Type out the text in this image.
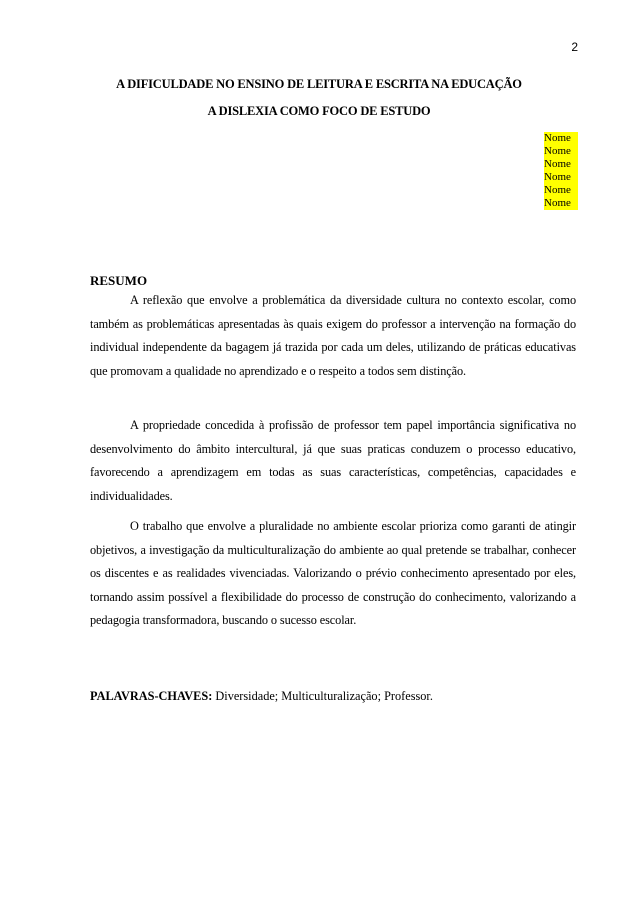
2
A DIFICULDADE NO ENSINO DE LEITURA E ESCRITA NA EDUCAÇÃO
A DISLEXIA COMO FOCO DE ESTUDO
Nome
Nome
Nome
Nome
Nome
Nome
RESUMO

A reflexão que envolve a problemática da diversidade cultura no contexto escolar, como também as problemáticas apresentadas às quais exigem do professor a intervenção na formação do individual independente da bagagem já trazida por cada um deles, utilizando de práticas educativas que promovam a qualidade no aprendizado e o respeito a todos sem distinção.

A propriedade concedida à profissão de professor tem papel importância significativa no desenvolvimento do âmbito intercultural, já que suas praticas conduzem o processo educativo, favorecendo a aprendizagem em todas as suas características, competências, capacidades e individualidades.

O trabalho que envolve a pluralidade no ambiente escolar prioriza como garanti de atingir objetivos, a investigação da multiculturalização do ambiente ao qual pretende se trabalhar, conhecer os discentes e as realidades vivenciadas. Valorizando o prévio conhecimento apresentado por eles, tornando assim possível a flexibilidade do processo de construção do conhecimento, valorizando a pedagogia transformadora, buscando o sucesso escolar.

PALAVRAS-CHAVES: Diversidade; Multiculturalização; Professor.
